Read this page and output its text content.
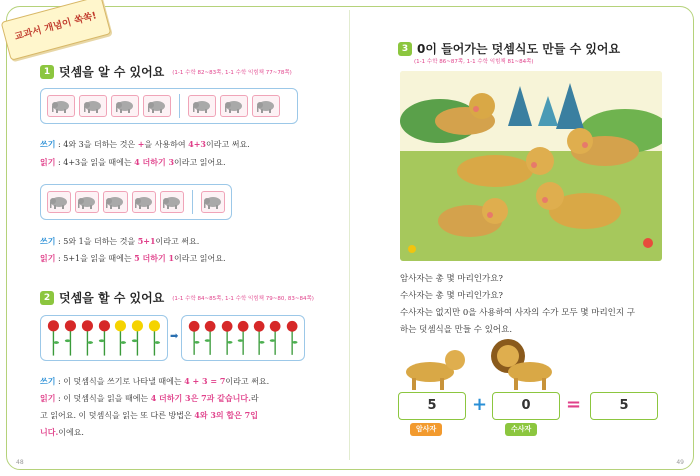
교과서 개념이 쏙쏙!
1 덧셈을 알 수 있어요 (1-1 수학 82~83쪽, 1-1 수학 익힘책 77~78쪽)
쓰기 : 4와 3을 더하는 것은 +을 사용하여 4+3이라고 써요.
읽기 : 4+3을 읽을 때에는 4 더하기 3이라고 읽어요.
쓰기 : 5와 1을 더하는 것을 5+1이라고 써요.
읽기 : 5+1을 읽을 때에는 5 더하기 1이라고 읽어요.
2 덧셈을 할 수 있어요 (1-1 수학 84~85쪽, 1-1 수학 익힘책 79~80, 83~84쪽)
➡
쓰기 : 이 덧셈식을 쓰기로 나타낼 때에는 4 + 3 = 7이라고 써요.
읽기 : 이 덧셈식을 읽을 때에는 4 더하기 3은 7과 같습니다.라
고 읽어요. 이 덧셈식을 읽는 또 다른 방법은 4와 3의 합은 7입
니다.이에요.
48
3 0이 들어가는 덧셈식도 만들 수 있어요
(1-1 수학 86~87쪽, 1-1 수학 익힘책 81~84쪽)
암사자는 총 몇 마리인가요?
수사자는 총 몇 마리인가요?
수사자는 없지만 0을 사용하여 사자의 수가 모두 몇 마리인지 구
하는 덧셈식을 만들 수 있어요.
5	+	0	=	5
암사자	수사자
49
